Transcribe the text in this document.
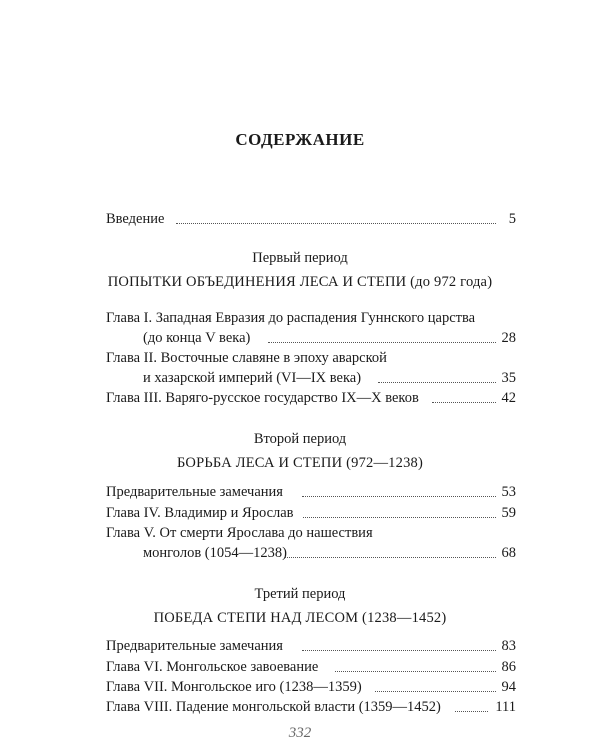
СОДЕРЖАНИЕ
Введение	5
Первый период
ПОПЫТКИ ОБЪЕДИНЕНИЯ ЛЕСА И СТЕПИ (до 972 года)
Глава I. Западная Евразия до распадения Гуннского царства
(до конца V века)	28
Глава II. Восточные славяне в эпоху аварской
и хазарской империй (VI—IX века)	35
Глава III. Варяго-русское государство IX—X веков	42
Второй период
БОРЬБА ЛЕСА И СТЕПИ (972—1238)
Предварительные замечания	53
Глава IV. Владимир и Ярослав	59
Глава V. От смерти Ярослава до нашествия
монголов (1054—1238)	68
Третий период
ПОБЕДА СТЕПИ НАД ЛЕСОМ (1238—1452)
Предварительные замечания	83
Глава VI. Монгольское завоевание	86
Глава VII. Монгольское иго (1238—1359)	94
Глава VIII. Падение монгольской власти (1359—1452)	111
332
